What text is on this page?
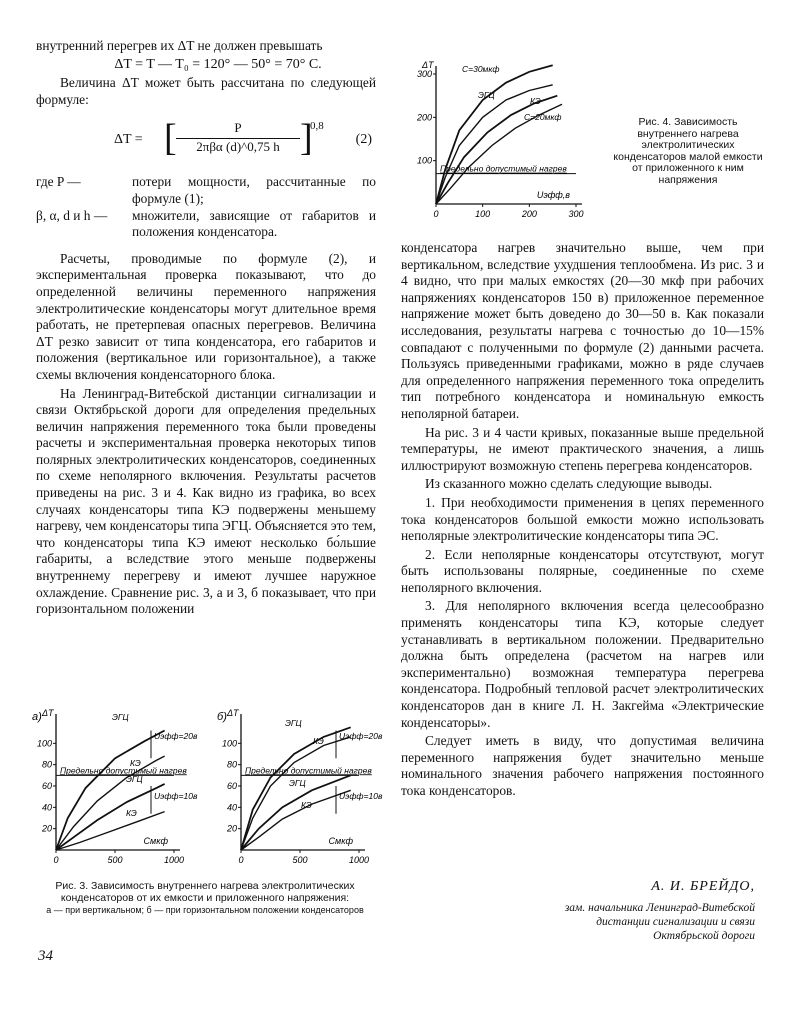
внутренний перегрев их ΔT не должен превышать

ΔT = T — T₀ = 120° — 50° = 70° C.

Величина ΔT может быть рассчитана по следующей формуле:

ΔT = [	P
2πβα (d)^0,75 h ]
0,8
(2)
где P —	потери мощности, рассчитанные по формуле (1);
β, α, d и h —	множители, зависящие от габаритов и положения конденсатора.

Расчеты, проводимые по формуле (2), и экспериментальная проверка показывают, что до определенной величины переменного напряжения электролитические конденсаторы могут длительное время работать, не претерпевая опасных перегревов. Величина ΔT резко зависит от типа конденсатора, его габаритов и положения (вертикальное или горизонтальное), а также схемы включения конденсаторного блока.

На Ленинград-Витебской дистанции сигнализации и связи Октябрьской дороги для определения предельных величин напряжения переменного тока были проведены расчеты и экспериментальная проверка некоторых типов полярных электролитических конденсаторов, соединенных по схеме неполярного включения. Результаты расчетов приведены на рис. 3 и 4. Как видно из графика, во всех случаях конденсаторы типа КЭ подвержены меньшему нагреву, чем конденсаторы типа ЭГЦ. Объясняется это тем, что конденсаторы типа КЭ имеют несколько бо́льшие габариты, а вследствие этого меньше подвержены внутреннему перегреву и имеют лучшее наружное охлаждение. Сравнение рис. 3, а и 3, б показывает, что при горизонтальном положении

конденсатора нагрев значительно выше, чем при вертикальном, вследствие ухудшения теплообмена. Из рис. 3 и 4 видно, что при малых емкостях (20—30 мкф при рабочих напряжениях конденсаторов 150 в) приложенное переменное напряжение может быть доведено до 30—50 в. Как показали исследования, результаты нагрева с точностью до 10—15% совпадают с полученными по формуле (2) данными расчета. Пользуясь приведенными графиками, можно в ряде случаев для определенного напряжения переменного тока определить тип потребного конденсатора и номинальную емкость неполярной батареи.

На рис. 3 и 4 части кривых, показанные выше предельной температуры, не имеют практического значения, а лишь иллюстрируют возможную степень перегрева конденсаторов.

Из сказанного можно сделать следующие выводы.

1. При необходимости применения в цепях переменного тока конденсаторов большой емкости можно использовать неполярные электролитические конденсаторы типа ЭС.

2. Если неполярные конденсаторы отсутствуют, могут быть использованы полярные, соединенные по схеме неполярного включения.

3. Для неполярного включения всегда целесообразно применять конденсаторы типа КЭ, которые следует устанавливать в вертикальном положении. Предварительно должна быть определена (расчетом на нагрев или экспериментально) возможная температура перегрева конденсатора. Подробный тепловой расчет электролитических конденсаторов дан в книге Л. Н. Закгейма «Электрические конденсаторы».

Следует иметь в виду, что допустимая величина переменного напряжения будет значительно меньше номинального значения рабочего напряжения постоянного тока конденсаторов.

100
200
300
0	100	200	300
ΔT
Uэфф,в
Предельно допустимый нагрев
C=30мкф
ЭГЦ
КЭ
C=20мкф	Рис. 4. Зависимость внутреннего нагрева электролитических конденсаторов малой емкости от приложенного к ним напряжения
20
40
60
80
100
0	500	1000
ΔT
Cмкф
а)
Предельно допустимый нагрев
ЭГЦ
КЭ
ЭГЦ
КЭ
Uэфф=20в
Uэфф=10в

20
40
60
80
100
0	500	1000
ΔT
Cмкф
б)
Предельно допустимый нагрев
ЭГЦ
КЭ
ЭГЦ
КЭ
Uэфф=20в
Uэфф=10в
Рис. 3. Зависимость внутреннего нагрева электролитических конденсаторов от их емкости и приложенного напряжения:
а — при вертикальном; б — при горизонтальном положении конденсаторов
А. И. БРЕЙДО,
зам. начальника Ленинград-Витебской
дистанции сигнализации и связи
Октябрьской дороги
34
